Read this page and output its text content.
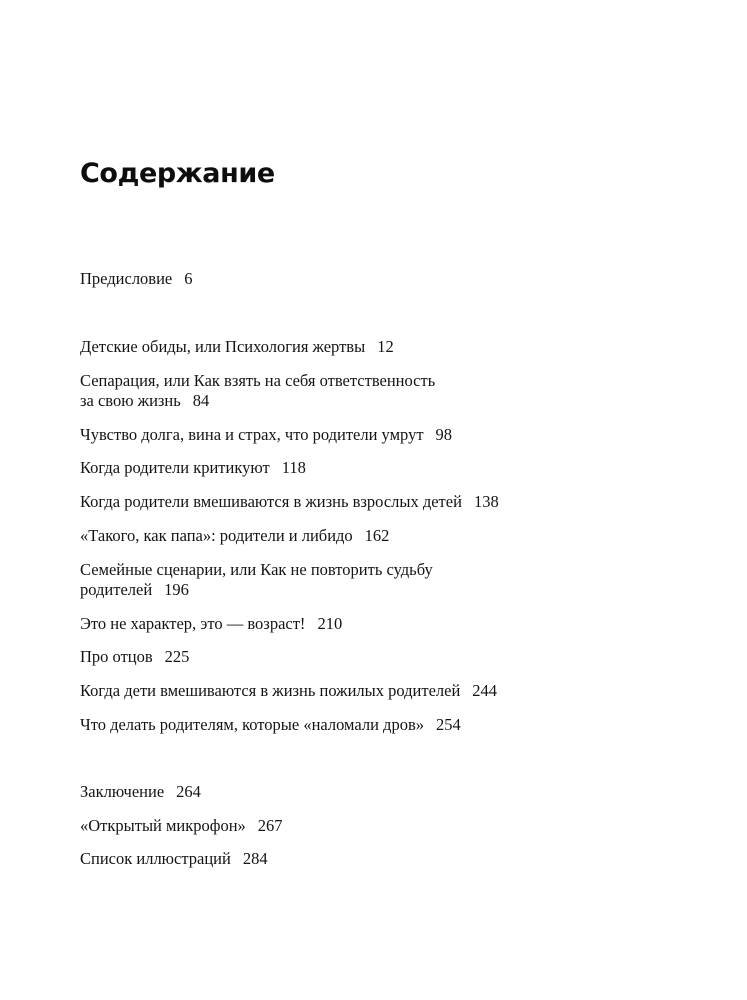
Содержание
Предисловие 6
Детские обиды, или Психология жертвы 12
Сепарация, или Как взять на себя ответственность
за свою жизнь 84
Чувство долга, вина и страх, что родители умрут 98
Когда родители критикуют 118
Когда родители вмешиваются в жизнь взрослых детей 138
«Такого, как папа»: родители и либидо 162
Семейные сценарии, или Как не повторить судьбу
родителей 196
Это не характер, это — возраст! 210
Про отцов 225
Когда дети вмешиваются в жизнь пожилых родителей 244
Что делать родителям, которые «наломали дров» 254
Заключение 264
«Открытый микрофон» 267
Список иллюстраций 284
